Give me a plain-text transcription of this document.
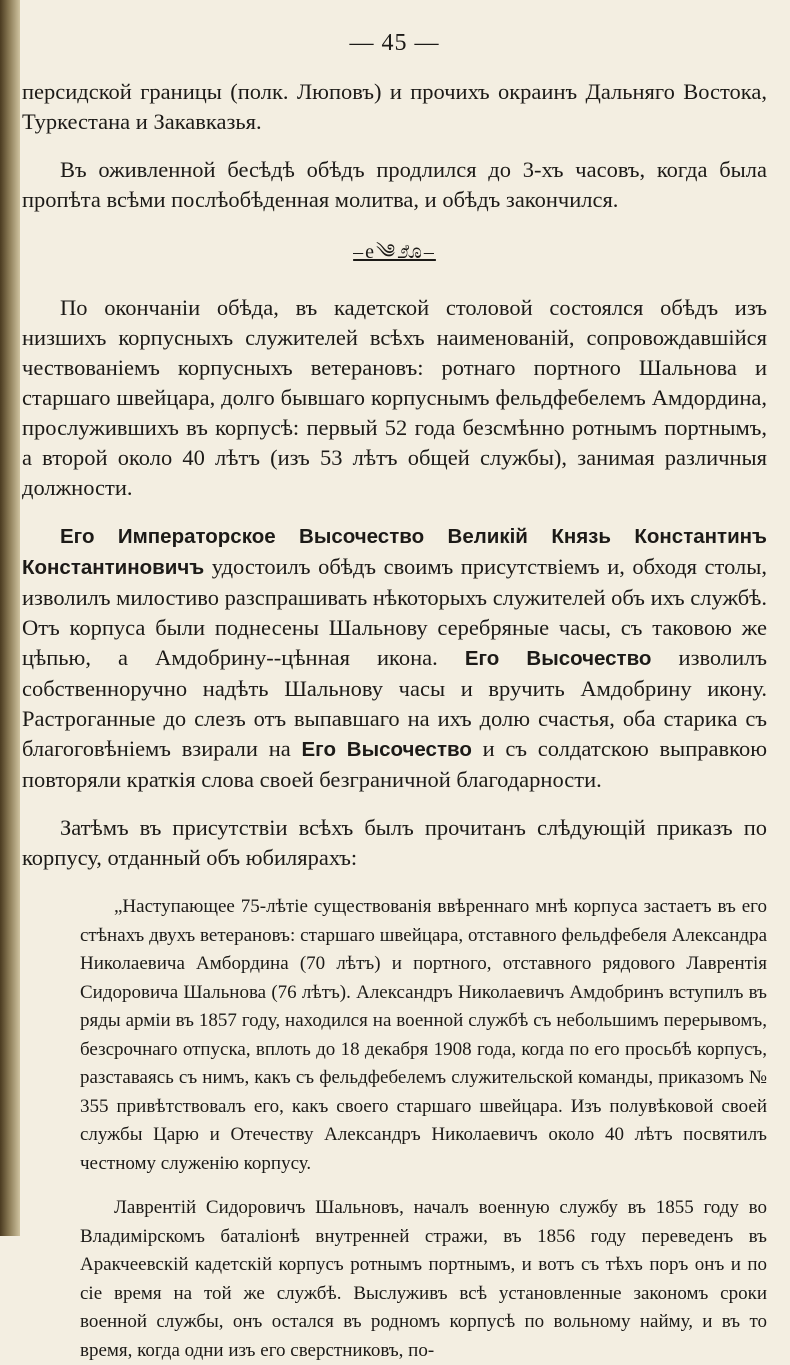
— 45 —

персидской границы (полк. Люповъ) и прочихъ окраинъ Дальняго Востока, Туркестана и Закавказья.

Въ оживленной бесѣдѣ обѣдъ продлился до 3-хъ часовъ, когда была пропѣта всѣми послѣобѣденная молитва, и обѣдъ закончился.

–e༄೨ೊ–

По окончаніи обѣда, въ кадетской столовой состоялся обѣдъ изъ низшихъ корпусныхъ служителей всѣхъ наименованій, сопровождавшійся чествованіемъ корпусныхъ ветерановъ: ротнаго портного Шальнова и старшаго швейцара, долго бывшаго корпуснымъ фельдфебелемъ Амдордина, прослужившихъ въ корпусѣ: первый 52 года безсмѣнно ротнымъ портнымъ, а второй около 40 лѣтъ (изъ 53 лѣтъ общей службы), занимая различныя должности.

Его Императорское Высочество Великій Князь Константинъ Константиновичъ удостоилъ обѣдъ своимъ присутствіемъ и, обходя столы, изволилъ милостиво разспрашивать нѣкоторыхъ служителей объ ихъ службѣ. Отъ корпуса были поднесены Шальнову серебряные часы, съ таковою же цѣпью, а Амдобрину--цѣнная икона. Его Высочество изволилъ собственноручно надѣть Шальнову часы и вручить Амдобрину икону. Растроганные до слезъ отъ выпавшаго на ихъ долю счастья, оба старика съ благоговѣніемъ взирали на Его Высочество и съ солдатскою выправкою повторяли краткія слова своей безграничной благодарности.

Затѣмъ въ присутствіи всѣхъ былъ прочитанъ слѣдующій приказъ по корпусу, отданный объ юбилярахъ:

„Наступающее 75-лѣтіе существованія ввѣреннаго мнѣ корпуса застаетъ въ его стѣнахъ двухъ ветерановъ: старшаго швейцара, отставного фельдфебеля Александра Николаевича Амбордина (70 лѣтъ) и портного, отставного рядового Лаврентія Сидоровича Шальнова (76 лѣтъ). Александръ Николаевичъ Амдобринъ вступилъ въ ряды арміи въ 1857 году, находился на военной службѣ съ небольшимъ перерывомъ, безсрочнаго отпуска, вплоть до 18 декабря 1908 года, когда по его просьбѣ корпусъ, разставаясь съ нимъ, какъ съ фельдфебелемъ служительской команды, приказомъ № 355 привѣтствовалъ его, какъ своего старшаго швейцара. Изъ полувѣковой своей службы Царю и Отечеству Александръ Николаевичъ около 40 лѣтъ посвятилъ честному служенію корпусу.

Лаврентій Сидоровичъ Шальновъ, началъ военную службу въ 1855 году во Владимірскомъ баталіонѣ внутренней стражи, въ 1856 году переведенъ въ Аракчеевскій кадетскій корпусъ ротнымъ портнымъ, и вотъ съ тѣхъ поръ онъ и по сіе время на той же службѣ. Выслуживъ всѣ установленные закономъ сроки военной службы, онъ остался въ родномъ корпусѣ по вольному найму, и въ то время, когда одни изъ его сверстниковъ, по-
